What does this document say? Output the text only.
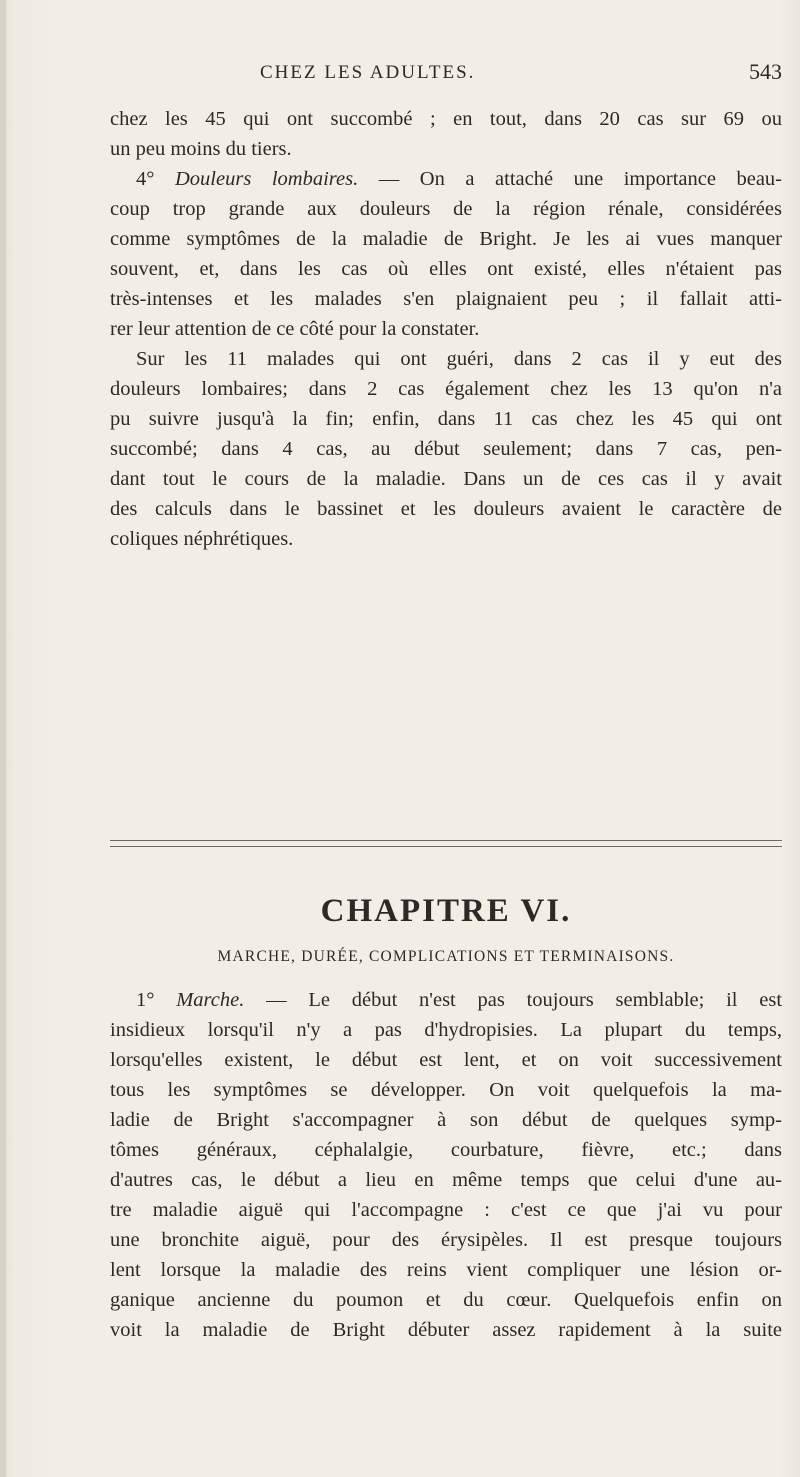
CHEZ LES ADULTES.	543
chez les 45 qui ont succombé ; en tout, dans 20 cas sur 69 ou
un peu moins du tiers.
4° Douleurs lombaires. — On a attaché une importance beau-
coup trop grande aux douleurs de la région rénale, considérées
comme symptômes de la maladie de Bright. Je les ai vues manquer
souvent, et, dans les cas où elles ont existé, elles n'étaient pas
très-intenses et les malades s'en plaignaient peu ; il fallait atti-
rer leur attention de ce côté pour la constater.
Sur les 11 malades qui ont guéri, dans 2 cas il y eut des
douleurs lombaires; dans 2 cas également chez les 13 qu'on n'a
pu suivre jusqu'à la fin; enfin, dans 11 cas chez les 45 qui ont
succombé; dans 4 cas, au début seulement; dans 7 cas, pen-
dant tout le cours de la maladie. Dans un de ces cas il y avait
des calculs dans le bassinet et les douleurs avaient le caractère de
coliques néphrétiques.
CHAPITRE VI.
MARCHE, DURÉE, COMPLICATIONS ET TERMINAISONS.
1° Marche. — Le début n'est pas toujours semblable; il est
insidieux lorsqu'il n'y a pas d'hydropisies. La plupart du temps,
lorsqu'elles existent, le début est lent, et on voit successivement
tous les symptômes se développer. On voit quelquefois la ma-
ladie de Bright s'accompagner à son début de quelques symp-
tômes généraux, céphalalgie, courbature, fièvre, etc.; dans
d'autres cas, le début a lieu en même temps que celui d'une au-
tre maladie aiguë qui l'accompagne : c'est ce que j'ai vu pour
une bronchite aiguë, pour des érysipèles. Il est presque toujours
lent lorsque la maladie des reins vient compliquer une lésion or-
ganique ancienne du poumon et du cœur. Quelquefois enfin on
voit la maladie de Bright débuter assez rapidement à la suite
